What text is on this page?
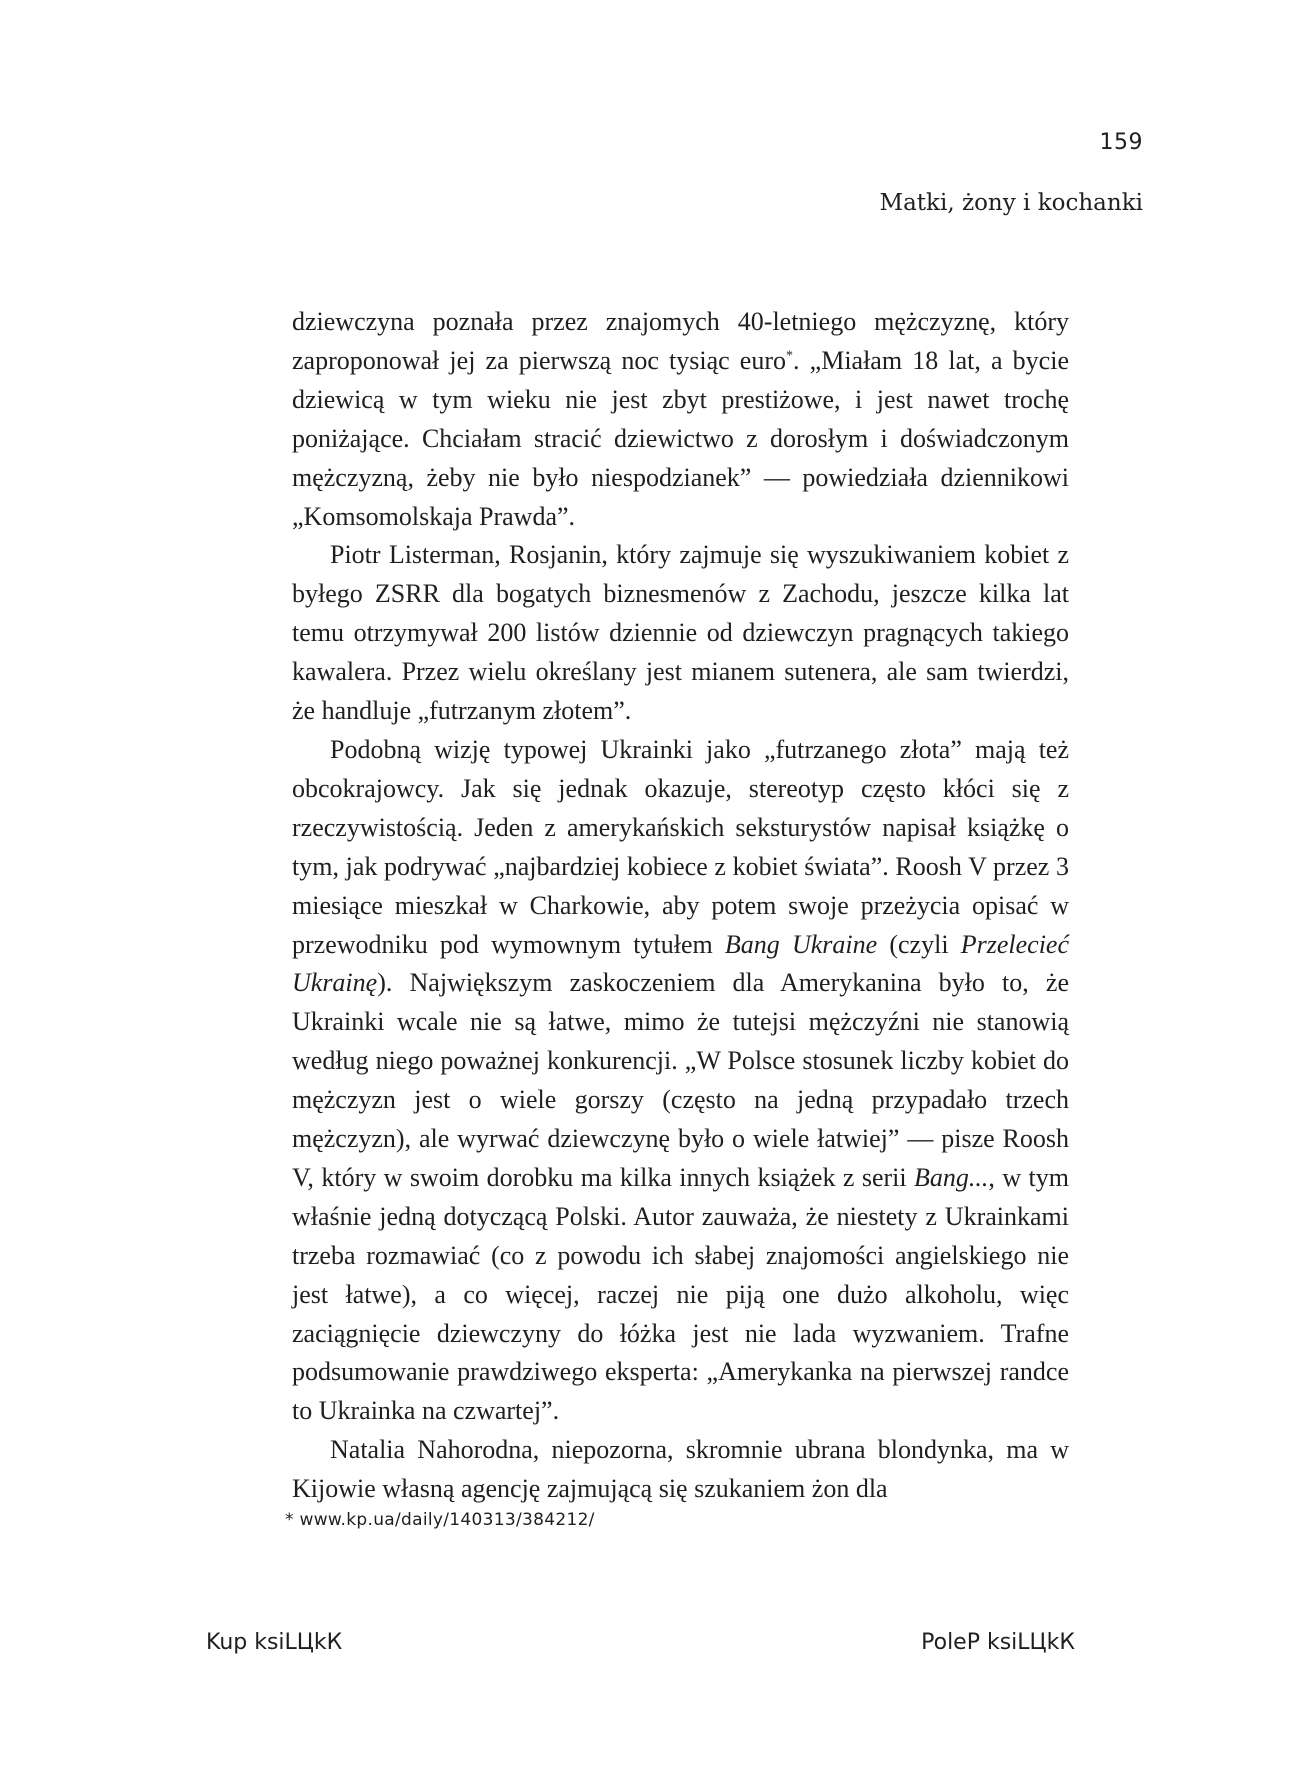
159
Matki, żony i kochanki

dziewczyna poznała przez znajomych 40-letniego mężczyznę, który zaproponował jej za pierwszą noc tysiąc euro*. „Miałam 18 lat, a bycie dziewicą w tym wieku nie jest zbyt prestiżowe, i jest nawet trochę poniżające. Chciałam stracić dziewictwo z dorosłym i doświadczonym mężczyzną, żeby nie było niespodzianek” — powiedziała dziennikowi „Komsomolskaja Prawda”.

Piotr Listerman, Rosjanin, który zajmuje się wyszukiwaniem kobiet z byłego ZSRR dla bogatych biznesmenów z Zachodu, jeszcze kilka lat temu otrzymywał 200 listów dziennie od dziewczyn pragnących takiego kawalera. Przez wielu określany jest mianem sutenera, ale sam twierdzi, że handluje „futrzanym złotem”.

Podobną wizję typowej Ukrainki jako „futrzanego złota” mają też obcokrajowcy. Jak się jednak okazuje, stereotyp często kłóci się z rzeczywistością. Jeden z amerykańskich seksturystów napisał książkę o tym, jak podrywać „najbardziej kobiece z kobiet świata”. Roosh V przez 3 miesiące mieszkał w Charkowie, aby potem swoje przeżycia opisać w przewodniku pod wymownym tytułem Bang Ukraine (czyli Przelecieć Ukrainę). Największym zaskoczeniem dla Amerykanina było to, że Ukrainki wcale nie są łatwe, mimo że tutejsi mężczyźni nie stanowią według niego poważnej konkurencji. „W Polsce stosunek liczby kobiet do mężczyzn jest o wiele gorszy (często na jedną przypadało trzech mężczyzn), ale wyrwać dziewczynę było o wiele łatwiej” — pisze Roosh V, który w swoim dorobku ma kilka innych książek z serii Bang..., w tym właśnie jedną dotyczącą Polski. Autor zauważa, że niestety z Ukrainkami trzeba rozmawiać (co z powodu ich słabej znajomości angielskiego nie jest łatwe), a co więcej, raczej nie piją one dużo alkoholu, więc zaciągnięcie dziewczyny do łóżka jest nie lada wyzwaniem. Trafne podsumowanie prawdziwego eksperta: „Amerykanka na pierwszej randce to Ukrainka na czwartej”.

Natalia Nahorodna, niepozorna, skromnie ubrana blondynka, ma w Kijowie własną agencję zajmującą się szukaniem żon dla

* www.kp.ua/daily/140313/384212/
Kup ksiLЦkК	PoleР ksiLЦkК
